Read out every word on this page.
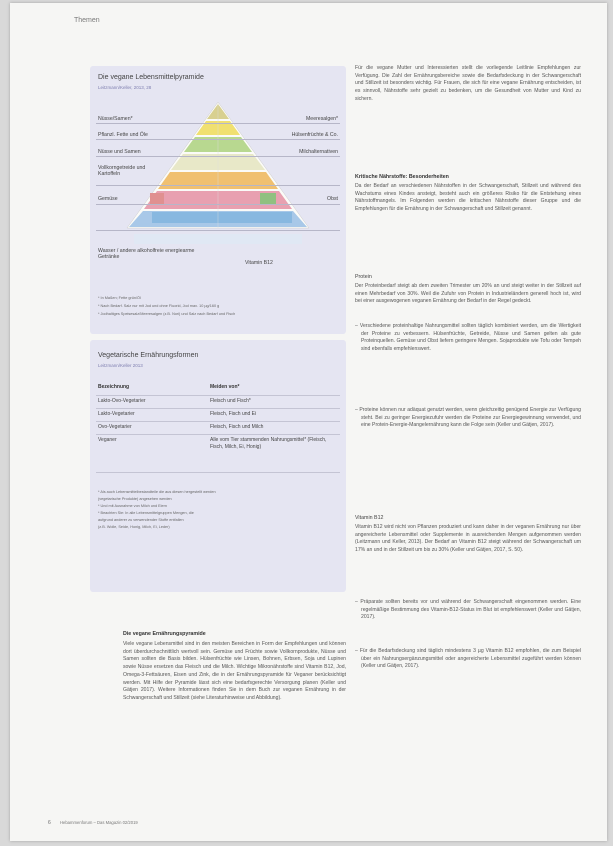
Themen
Die vegane Lebensmittelpyramide
Leitzmann/Keller, 2013, 28
Nüsse/Samen*	Meeresalgen*
Pflanzl. Fette und Öle	Hülsenfrüchte & Co.
Nüsse und Samen	Milchalternativen
Vollkorngetreide und Kartoffeln
Gemüse	Obst
Wasser / andere alkoholfreie energiearme Getränke
Vitamin B12
* In Maßen; Fette grün/Öl
* Nach Bedarf. Salz nur mit Jod und ohne Fluorid, Jod max. 10 µg/160 g
* Jodhaltiges Speisesalz/Meeresalgen (z.B. Nori) und Salz nach Bedarf und Fisch
Vegetarische Ernährungsformen
Leitzmann/Keller 2013
Bezeichnung	Meiden von*
Lakto-Ovo-Vegetarier	Fleisch und Fisch*
Lakto-Vegetarier	Fleisch, Fisch und Ei
Ovo-Vegetarier	Fleisch, Fisch und Milch
Veganer	Alle vom Tier stammenden Nahrungsmittel* (Fleisch, Fisch, Milch, Ei, Honig)
* Als auch Lebensmittelbestandteile die aus diesen hergestellt werden
(vegetarische Produkte) angesehen werden
* Und mit Ausnahme von Milch und Eiern
* Beachten Sie: In alle Lebensmittelgruppen Mengen, die
aufgrund anderer zu verwendender Stoffe entfallen
(z.B. Wolle, Seide, Honig, Milch, Ei, Leder)
Die vegane Ernährungspyramide
Viele vegane Lebensmittel sind in den meisten Bereichen in Form der Empfehlungen und können dort überdurchschnittlich wertvoll sein. Gemüse und Früchte sowie Vollkornprodukte, Nüsse und Samen sollten die Basis bilden. Hülsenfrüchte wie Linsen, Bohnen, Erbsen, Soja und Lupinen sowie Nüsse ersetzen das Fleisch und die Milch. Wichtige Mikronährstoffe sind Vitamin B12, Jod, Omega-3-Fettsäuren, Eisen und Zink, die in der Ernährungspyramide für Veganer berücksichtigt werden. Mit Hilfe der Pyramide lässt sich eine bedarfsgerechte Versorgung planen (Keller und Gätjen 2017). Weitere Informationen finden Sie in dem Buch zur veganen Ernährung in der Schwangerschaft und Stillzeit (siehe Literaturhinweise und Abbildung).
Für die vegane Mutter und Interessierten stellt die vorliegende Leitlinie Empfehlungen zur Verfügung. Die Zahl der Ernährungsbereiche sowie die Bedarfsdeckung in der Schwangerschaft und Stillzeit ist besonders wichtig. Für Frauen, die sich für eine vegane Ernährung entscheiden, ist es sinnvoll, Nährstoffe sehr gezielt zu bedenken, um die Gesundheit von Mutter und Kind zu sichern.
Kritische Nährstoffe: Besonderheiten
Da der Bedarf an verschiedenen Nährstoffen in der Schwangerschaft, Stillzeit und während des Wachstums eines Kindes ansteigt, besteht auch ein größeres Risiko für die Entstehung eines Nährstoffmangels. Im Folgenden werden die kritischen Nährstoffe dieser Gruppe und die Empfehlungen für die Ernährung in der Schwangerschaft und Stillzeit genannt.
Protein
Der Proteinbedarf steigt ab dem zweiten Trimester um 20% an und steigt weiter in der Stillzeit auf einen Mehrbedarf von 30%. Weil die Zufuhr von Protein in Industrieländern generell hoch ist, wird bei einer ausgewogenen veganen Ernährung der Bedarf in der Regel gedeckt.
– Verschiedene proteinhaltige Nahrungsmittel sollten täglich kombiniert werden, um die Wertigkeit der Proteine zu verbessern. Hülsenfrüchte, Getreide, Nüsse und Samen gelten als gute Proteinquellen. Gemüse und Obst liefern geringere Mengen. Sojaprodukte wie Tofu oder Tempeh sind ebenfalls empfehlenswert.
– Proteine können nur adäquat genutzt werden, wenn gleichzeitig genügend Energie zur Verfügung steht. Bei zu geringer Energiezufuhr werden die Proteine zur Energiegewinnung verwendet, und eine Protein-Energie-Mangelernährung kann die Folge sein (Keller und Gätjen, 2017).
Vitamin B12
Vitamin B12 wird nicht von Pflanzen produziert und kann daher in der veganen Ernährung nur über angereicherte Lebensmittel oder Supplemente in ausreichenden Mengen aufgenommen werden (Leitzmann und Keller, 2013). Der Bedarf an Vitamin B12 steigt während der Schwangerschaft um 17% an und in der Stillzeit um bis zu 30% (Keller und Gätjen, 2017, S. 50).
– Präparate sollten bereits vor und während der Schwangerschaft eingenommen werden. Eine regelmäßige Bestimmung des Vitamin-B12-Status im Blut ist empfehlenswert (Keller und Gätjen, 2017).
– Für die Bedarfsdeckung sind täglich mindestens 3 µg Vitamin B12 empfohlen, die zum Beispiel über ein Nahrungsergänzungsmittel oder angereicherte Lebensmittel zugeführt werden können (Keller und Gätjen, 2017).
6 Hebammenforum – Das Magazin 02/2019
